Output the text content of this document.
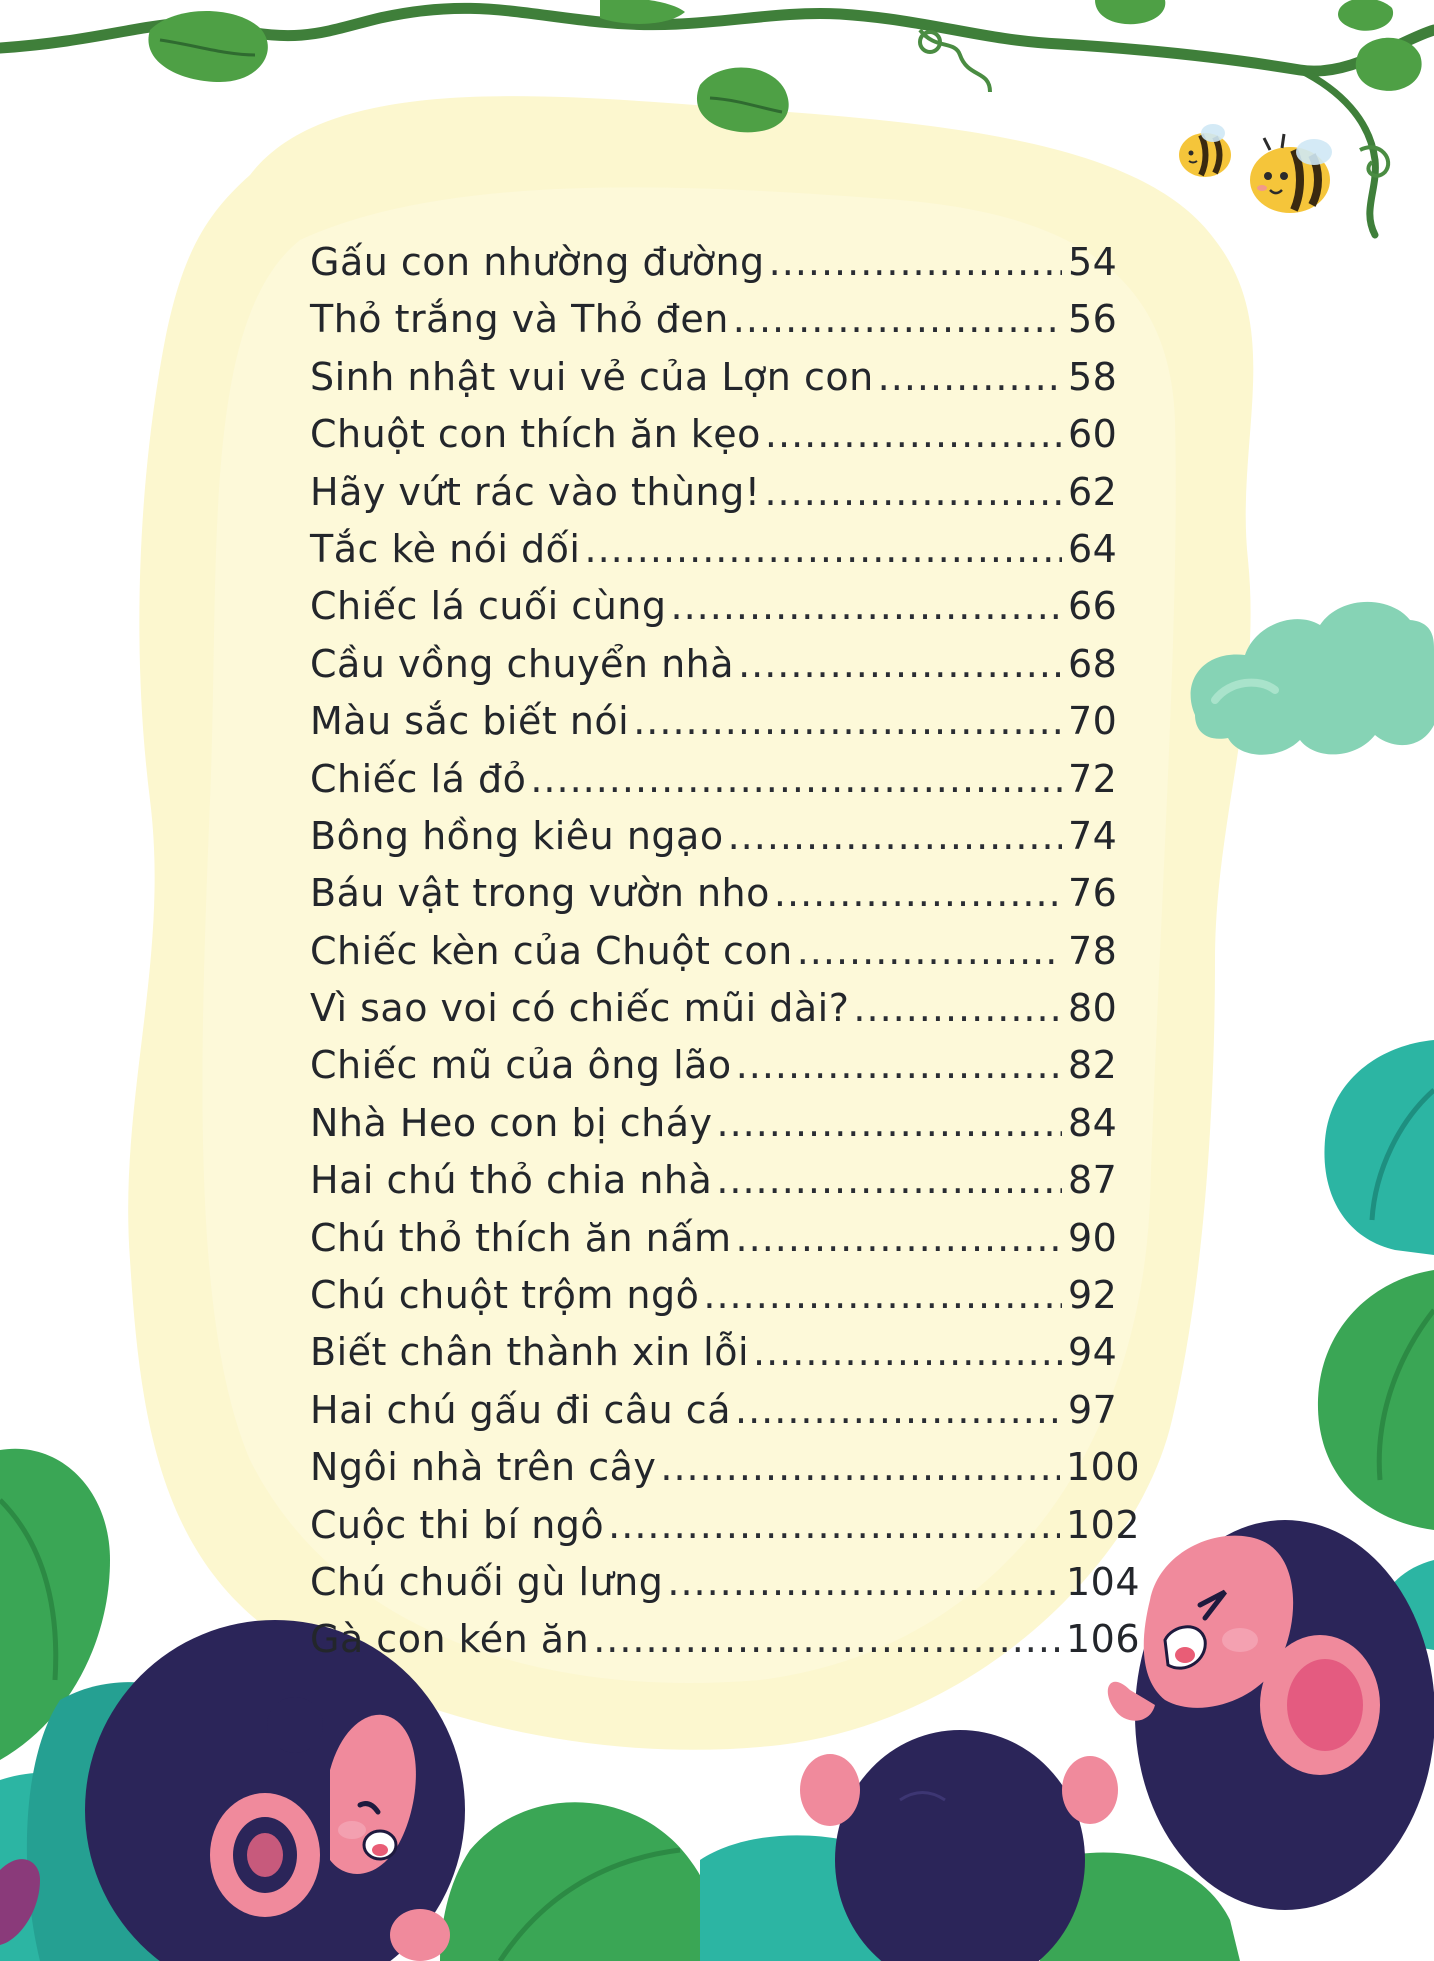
Gấu con nhường đường .....	54
Thỏ trắng và Thỏ đen .....	56
Sinh nhật vui vẻ của Lợn con .....	58
Chuột con thích ăn kẹo .....	60
Hãy vứt rác vào thùng! .....	62
Tắc kè nói dối .....	64
Chiếc lá cuối cùng .....	66
Cầu vồng chuyển nhà .....	68
Màu sắc biết nói .....	70
Chiếc lá đỏ .....	72
Bông hồng kiêu ngạo .....	74
Báu vật trong vườn nho .....	76
Chiếc kèn của Chuột con .....	78
Vì sao voi có chiếc mũi dài? .....	80
Chiếc mũ của ông lão .....	82
Nhà Heo con bị cháy .....	84
Hai chú thỏ chia nhà .....	87
Chú thỏ thích ăn nấm .....	90
Chú chuột trộm ngô .....	92
Biết chân thành xin lỗi .....	94
Hai chú gấu đi câu cá .....	97
Ngôi nhà trên cây .....	100
Cuộc thi bí ngô .....	102
Chú chuối gù lưng .....	104
Gà con kén ăn .....	106
